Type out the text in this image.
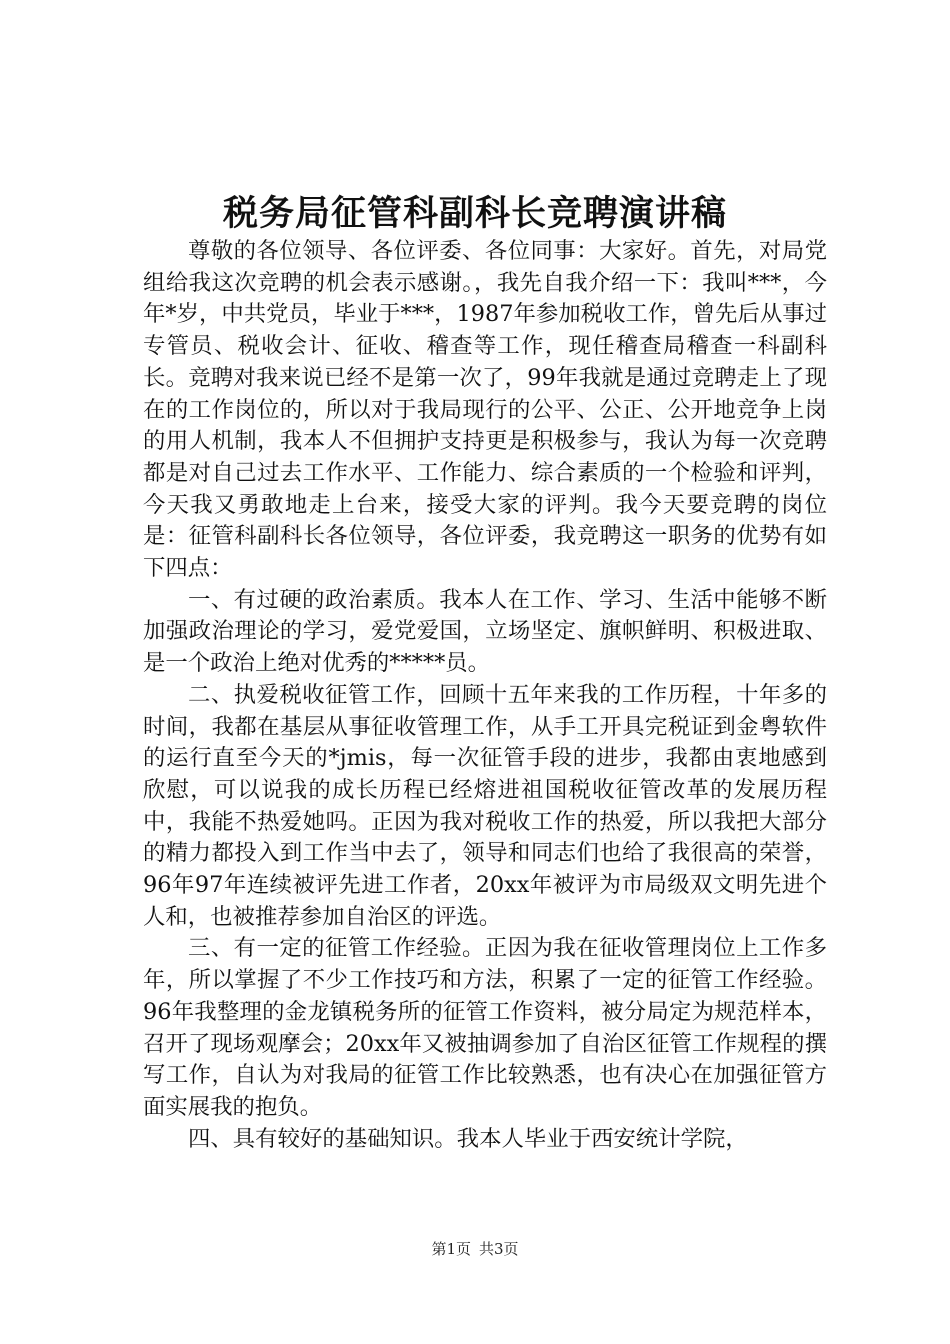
税务局征管科副科长竞聘演讲稿

尊敬的各位领导、各位评委、各位同事：大家好。首先，对局党组给我这次竞聘的机会表示感谢。，我先自我介绍一下：我叫***，今年*岁，中共党员，毕业于***，1987年参加税收工作，曾先后从事过专管员、税收会计、征收、稽查等工作，现任稽查局稽查一科副科长。竞聘对我来说已经不是第一次了，99年我就是通过竞聘走上了现在的工作岗位的，所以对于我局现行的公平、公正、公开地竞争上岗的用人机制，我本人不但拥护支持更是积极参与，我认为每一次竞聘都是对自己过去工作水平、工作能力、综合素质的一个检验和评判，今天我又勇敢地走上台来，接受大家的评判。我今天要竞聘的岗位是：征管科副科长各位领导，各位评委，我竞聘这一职务的优势有如下四点：

一、有过硬的政治素质。我本人在工作、学习、生活中能够不断加强政治理论的学习，爱党爱国，立场坚定、旗帜鲜明、积极进取、是一个政治上绝对优秀的*****员。

二、执爱税收征管工作，回顾十五年来我的工作历程，十年多的时间，我都在基层从事征收管理工作，从手工开具完税证到金粤软件的运行直至今天的*jmis，每一次征管手段的进步，我都由衷地感到欣慰，可以说我的成长历程已经熔进祖国税收征管改革的发展历程中，我能不热爱她吗。正因为我对税收工作的热爱，所以我把大部分的精力都投入到工作当中去了，领导和同志们也给了我很高的荣誉，96年97年连续被评先进工作者，20xx年被评为市局级双文明先进个人和，也被推荐参加自治区的评选。

三、有一定的征管工作经验。正因为我在征收管理岗位上工作多年，所以掌握了不少工作技巧和方法，积累了一定的征管工作经验。96年我整理的金龙镇税务所的征管工作资料，被分局定为规范样本，召开了现场观摩会；20xx年又被抽调参加了自治区征管工作规程的撰写工作，自认为对我局的征管工作比较熟悉，也有决心在加强征管方面实展我的抱负。

四、具有较好的基础知识。我本人毕业于西安统计学院，

第1页 共3页
